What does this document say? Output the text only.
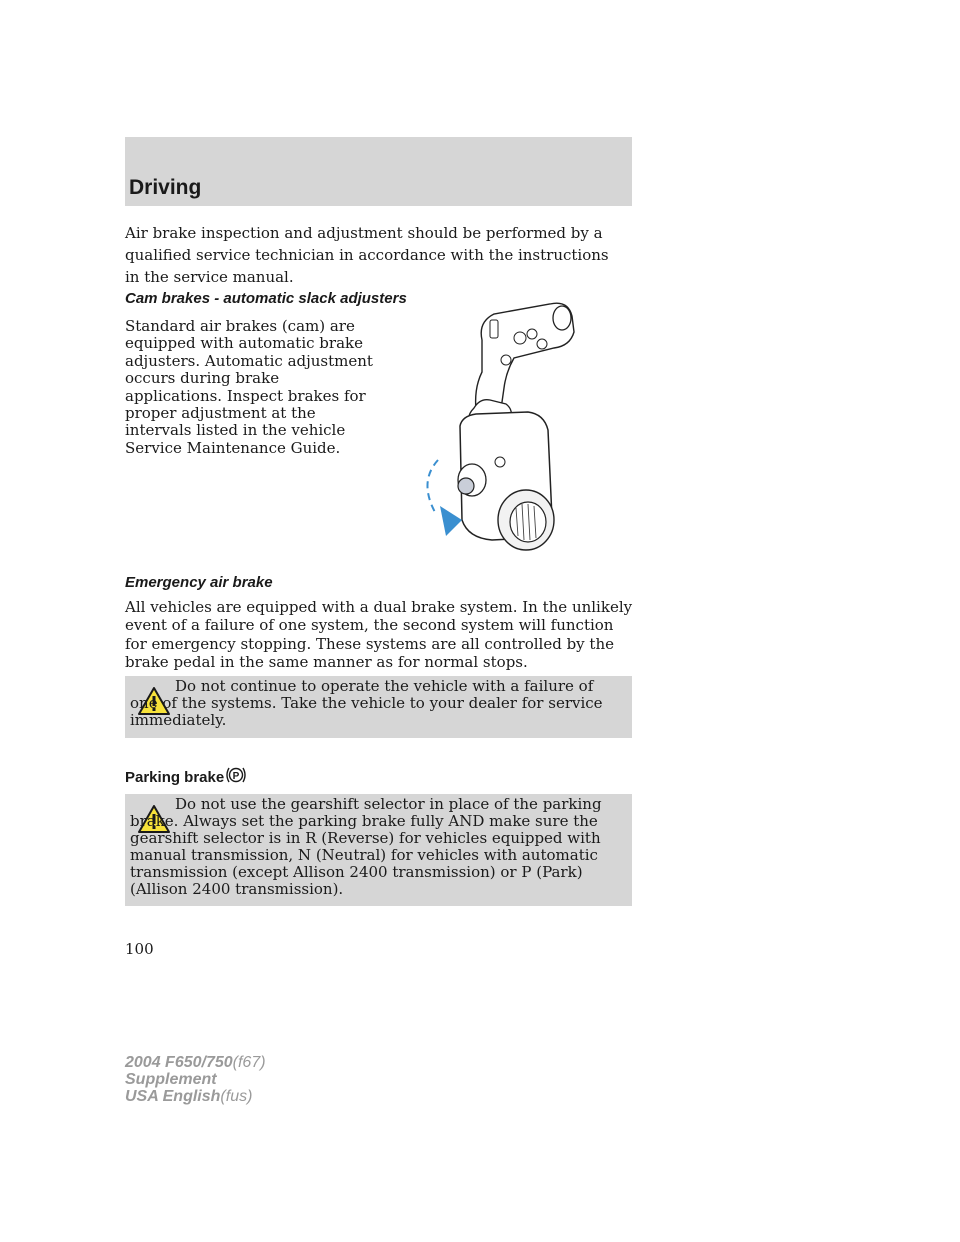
Driving
Air brake inspection and adjustment should be performed by a qualified service technician in accordance with the instructions in the service manual.
Cam brakes - automatic slack adjusters
Standard air brakes (cam) are equipped with automatic brake adjusters. Automatic adjustment occurs during brake applications. Inspect brakes for proper adjustment at the intervals listed in the vehicle Service Maintenance Guide.
Emergency air brake
All vehicles are equipped with a dual brake system. In the unlikely event of a failure of one system, the second system will function for emergency stopping. These systems are all controlled by the brake pedal in the same manner as for normal stops.
Do not continue to operate the vehicle with a failure of one of the systems. Take the vehicle to your dealer for service immediately.
Parking brake P
Do not use the gearshift selector in place of the parking brake. Always set the parking brake fully AND make sure the gearshift selector is in R (Reverse) for vehicles equipped with manual transmission, N (Neutral) for vehicles with automatic transmission (except Allison 2400 transmission) or P (Park) (Allison 2400 transmission).
100
2004 F650/750(f67)
Supplement
USA English(fus)
